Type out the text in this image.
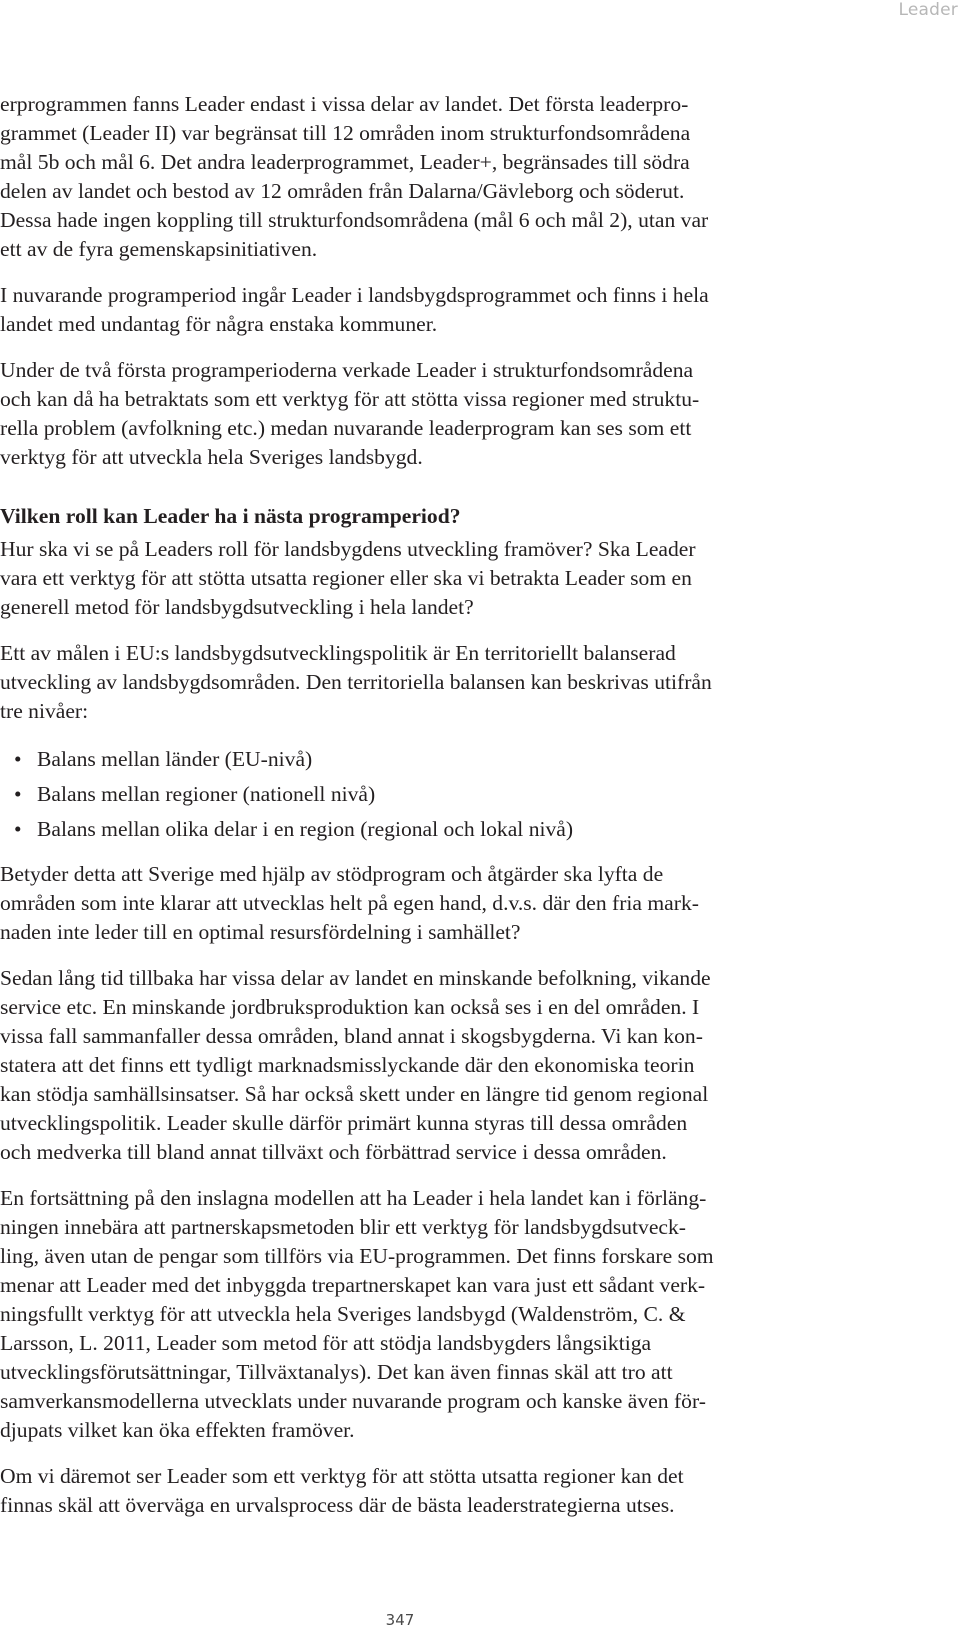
Leader

erprogrammen fanns Leader endast i vissa delar av landet. Det första leaderpro-
grammet (Leader II) var begränsat till 12 områden inom strukturfondsområdena
mål 5b och mål 6. Det andra leaderprogrammet, Leader+, begränsades till södra
delen av landet och bestod av 12 områden från Dalarna/Gävleborg och söderut.
Dessa hade ingen koppling till strukturfondsområdena (mål 6 och mål 2), utan var
ett av de fyra gemenskapsinitiativen.

I nuvarande programperiod ingår Leader i landsbygdsprogrammet och finns i hela
landet med undantag för några enstaka kommuner.

Under de två första programperioderna verkade Leader i strukturfondsområdena
och kan då ha betraktats som ett verktyg för att stötta vissa regioner med struktu-
rella problem (avfolkning etc.) medan nuvarande leaderprogram kan ses som ett
verktyg för att utveckla hela Sveriges landsbygd.

Vilken roll kan Leader ha i nästa programperiod?

Hur ska vi se på Leaders roll för landsbygdens utveckling framöver? Ska Leader
vara ett verktyg för att stötta utsatta regioner eller ska vi betrakta Leader som en
generell metod för landsbygdsutveckling i hela landet?

Ett av målen i EU:s landsbygdsutvecklingspolitik är En territoriellt balanserad
utveckling av landsbygdsområden. Den territoriella balansen kan beskrivas utifrån
tre nivåer:

• Balans mellan länder (EU-nivå)
• Balans mellan regioner (nationell nivå)
• Balans mellan olika delar i en region (regional och lokal nivå)

Betyder detta att Sverige med hjälp av stödprogram och åtgärder ska lyfta de
områden som inte klarar att utvecklas helt på egen hand, d.v.s. där den fria mark-
naden inte leder till en optimal resursfördelning i samhället?

Sedan lång tid tillbaka har vissa delar av landet en minskande befolkning, vikande
service etc. En minskande jordbruksproduktion kan också ses i en del områden. I
vissa fall sammanfaller dessa områden, bland annat i skogsbygderna. Vi kan kon-
statera att det finns ett tydligt marknadsmisslyckande där den ekonomiska teorin
kan stödja samhällsinsatser. Så har också skett under en längre tid genom regional
utvecklingspolitik. Leader skulle därför primärt kunna styras till dessa områden
och medverka till bland annat tillväxt och förbättrad service i dessa områden.

En fortsättning på den inslagna modellen att ha Leader i hela landet kan i förläng-
ningen innebära att partnerskapsmetoden blir ett verktyg för landsbygdsutveck-
ling, även utan de pengar som tillförs via EU-programmen. Det finns forskare som
menar att Leader med det inbyggda trepartnerskapet kan vara just ett sådant verk-
ningsfullt verktyg för att utveckla hela Sveriges landsbygd (Waldenström, C. &
Larsson, L. 2011, Leader som metod för att stödja landsbygders långsiktiga
utvecklingsförutsättningar, Tillväxtanalys). Det kan även finnas skäl att tro att
samverkansmodellerna utvecklats under nuvarande program och kanske även för-
djupats vilket kan öka effekten framöver.

Om vi däremot ser Leader som ett verktyg för att stötta utsatta regioner kan det
finnas skäl att överväga en urvalsprocess där de bästa leaderstrategierna utses.

347
